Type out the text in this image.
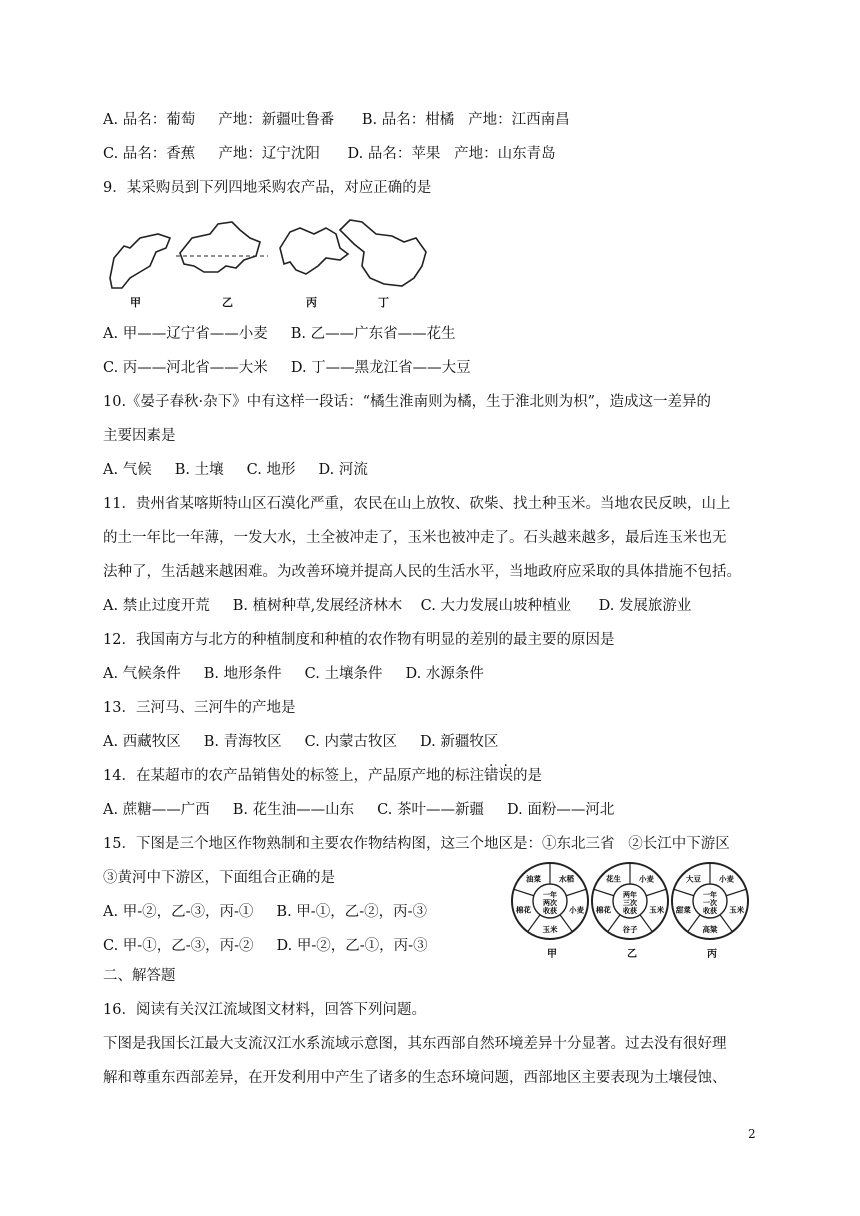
A. 品名：葡萄     产地：新疆吐鲁番      B. 品名：柑橘   产地：江西南昌
C. 品名：香蕉     产地：辽宁沈阳      D. 品名：苹果   产地：山东青岛
9．某采购员到下列四地采购农产品，对应正确的是
甲	乙	丙	丁
A. 甲——辽宁省——小麦     B. 乙——广东省——花生
C. 丙——河北省——大米     D. 丁——黑龙江省——大豆
10.《晏子春秋·杂下》中有这样一段话：“橘生淮南则为橘，生于淮北则为枳”，造成这一差异的
主要因素是
A. 气候     B. 土壤     C. 地形     D. 河流
11．贵州省某喀斯特山区石漠化严重，农民在山上放牧、砍柴、找土种玉米。当地农民反映，山上
的土一年比一年薄，一发大水，土全被冲走了，玉米也被冲走了。石头越来越多，最后连玉米也无
法种了，生活越来越困难。为改善环境并提高人民的生活水平，当地政府应采取的具体措施不包括。
A. 禁止过度开荒     B. 植树种草,发展经济林木    C. 大力发展山坡种植业      D. 发展旅游业
12．我国南方与北方的种植制度和种植的农作物有明显的差别的最主要的原因是
A. 气候条件     B. 地形条件     C. 土壤条件     D. 水源条件
13．三河马、三河牛的产地是
A. 西藏牧区     B. 青海牧区     C. 内蒙古牧区     D. 新疆牧区
14．在某超市的农产品销售处的标签上，产品原产地的标注错误的是
A. 蔗糖——广西     B. 花生油——山东     C. 茶叶——新疆     D. 面粉——河北
15．下图是三个地区作物熟制和主要农作物结构图，这三个地区是：①东北三省   ②长江中下游区
③黄河中下游区，下面组合正确的是
A. 甲-②，乙-③，丙-①     B. 甲-①，乙-②，丙-③
C. 甲-①，乙-③，丙-②     D. 甲-②，乙-①，丙-③
水稻
小麦
玉米
棉花
油菜
一年
两次
收获
小麦
玉米
谷子
棉花
花生
两年
三次
收获
小麦
玉米
高粱
甜菜
大豆
一年
一次
收获
甲	乙	丙
二、解答题
16．阅读有关汉江流域图文材料，回答下列问题。
下图是我国长江最大支流汉江水系流域示意图，其东西部自然环境差异十分显著。过去没有很好理
解和尊重东西部差异，在开发利用中产生了诸多的生态环境问题，西部地区主要表现为土壤侵蚀、
2
